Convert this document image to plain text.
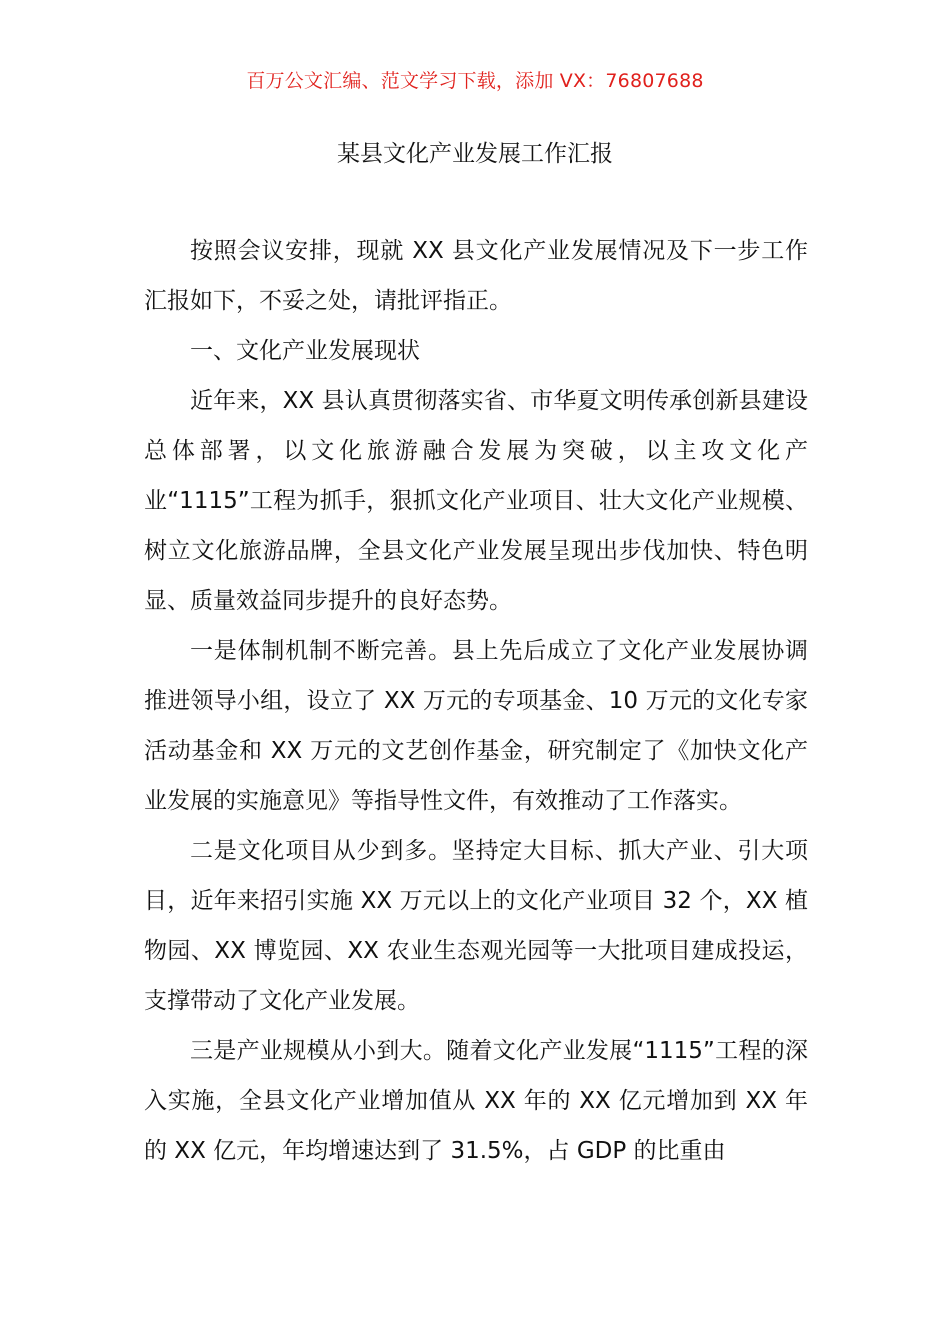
百万公文汇编、范文学习下载，添加 VX：76807688
某县文化产业发展工作汇报

按照会议安排，现就 XX 县文化产业发展情况及下一步工作汇报如下，不妥之处，请批评指正。

一、文化产业发展现状

近年来，XX 县认真贯彻落实省、市华夏文明传承创新县建设总体部署，以文化旅游融合发展为突破，以主攻文化产业“1115”工程为抓手，狠抓文化产业项目、壮大文化产业规模、树立文化旅游品牌，全县文化产业发展呈现出步伐加快、特色明显、质量效益同步提升的良好态势。

一是体制机制不断完善。县上先后成立了文化产业发展协调推进领导小组，设立了 XX 万元的专项基金、10 万元的文化专家活动基金和 XX 万元的文艺创作基金，研究制定了《加快文化产业发展的实施意见》等指导性文件，有效推动了工作落实。

二是文化项目从少到多。坚持定大目标、抓大产业、引大项目，近年来招引实施 XX 万元以上的文化产业项目 32 个，XX 植物园、XX 博览园、XX 农业生态观光园等一大批项目建成投运，支撑带动了文化产业发展。

三是产业规模从小到大。随着文化产业发展“1115”工程的深入实施，全县文化产业增加值从 XX 年的 XX 亿元增加到 XX 年的 XX 亿元，年均增速达到了 31.5%，占 GDP 的比重由
